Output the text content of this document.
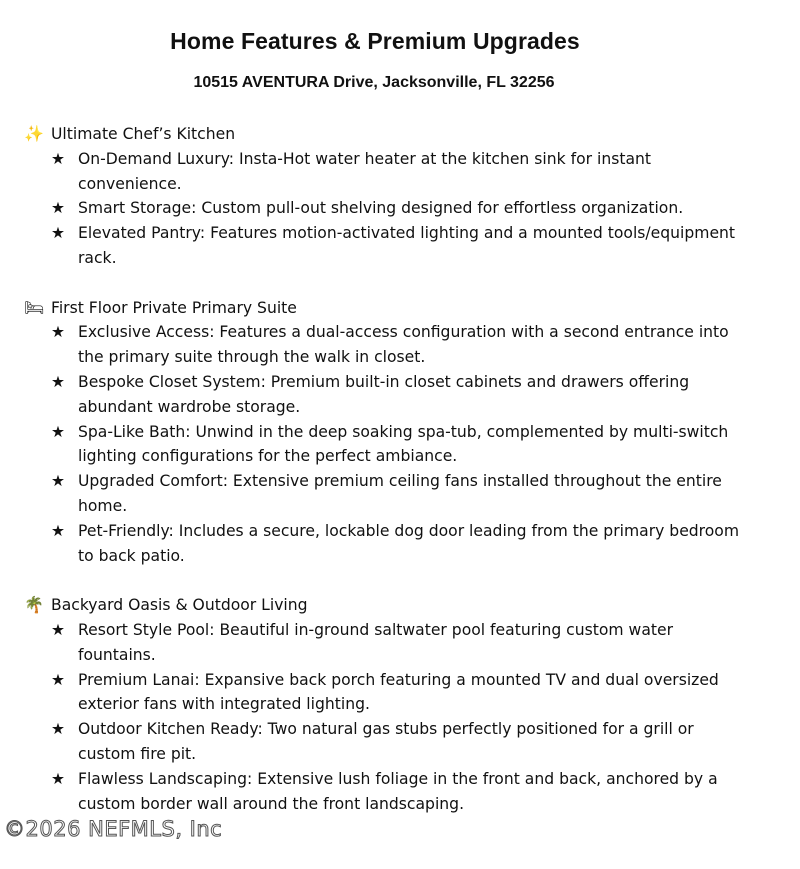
Home Features & Premium Upgrades
10515 AVENTURA Drive, Jacksonville, FL 32256
✨ Ultimate Chef’s Kitchen
★ On-Demand Luxury: Insta-Hot water heater at the kitchen sink for instant convenience.
★ Smart Storage: Custom pull-out shelving designed for effortless organization.
★ Elevated Pantry: Features motion-activated lighting and a mounted tools/equipment rack.
🛏 First Floor Private Primary Suite
★ Exclusive Access: Features a dual-access configuration with a second entrance into the primary suite through the walk in closet.
★ Bespoke Closet System: Premium built-in closet cabinets and drawers offering abundant wardrobe storage.
★ Spa-Like Bath: Unwind in the deep soaking spa-tub, complemented by multi-switch lighting configurations for the perfect ambiance.
★ Upgraded Comfort: Extensive premium ceiling fans installed throughout the entire home.
★ Pet-Friendly: Includes a secure, lockable dog door leading from the primary bedroom to back patio.
🌴 Backyard Oasis & Outdoor Living
★ Resort Style Pool: Beautiful in-ground saltwater pool featuring custom water fountains.
★ Premium Lanai: Expansive back porch featuring a mounted TV and dual oversized exterior fans with integrated lighting.
★ Outdoor Kitchen Ready: Two natural gas stubs perfectly positioned for a grill or custom fire pit.
★ Flawless Landscaping: Extensive lush foliage in the front and back, anchored by a custom border wall around the front landscaping.
©2026 NEFMLS, Inc
